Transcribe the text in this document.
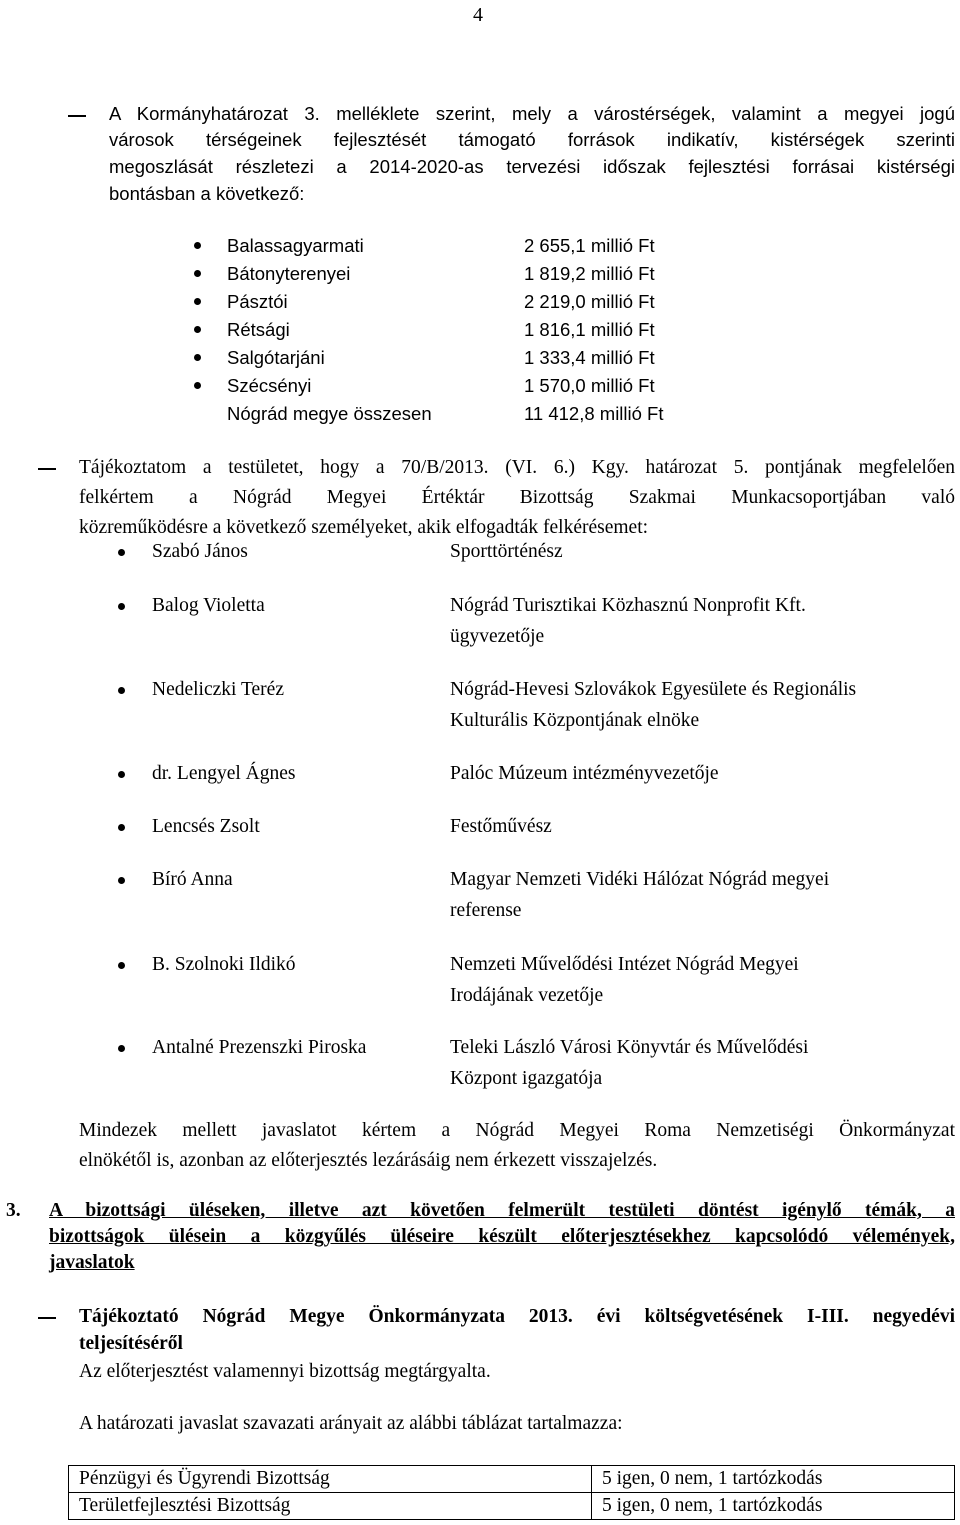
4
A Kormányhatározat 3. melléklete szerint, mely a várostérségek, valamint a megyei jogú
városok térségeinek fejlesztését támogató források indikatív, kistérségek szerinti
megoszlását részletezi a 2014-2020-as tervezési időszak fejlesztési forrásai kistérségi
bontásban a következő:
Balassagyarmati	2 655,1 millió Ft
Bátonyterenyei	1 819,2 millió Ft
Pásztói	2 219,0 millió Ft
Rétsági	1 816,1 millió Ft
Salgótarjáni	1 333,4 millió Ft
Szécsényi	1 570,0 millió Ft
Nógrád megye összesen	11 412,8 millió Ft
Tájékoztatom a testületet, hogy a 70/B/2013. (VI. 6.) Kgy. határozat 5. pontjának megfelelően
felkértem a Nógrád Megyei Értéktár Bizottság Szakmai Munkacsoportjában való
közreműködésre a következő személyeket, akik elfogadták felkérésemet:
Szabó János	Sporttörténész
Balog Violetta	Nógrád Turisztikai Közhasznú Nonprofit Kft.
ügyvezetője
Nedeliczki Teréz	Nógrád-Hevesi Szlovákok Egyesülete és Regionális
Kulturális Központjának elnöke
dr. Lengyel Ágnes	Palóc Múzeum intézményvezetője
Lencsés Zsolt	Festőművész
Bíró Anna	Magyar Nemzeti Vidéki Hálózat Nógrád megyei
referense
B. Szolnoki Ildikó	Nemzeti Művelődési Intézet Nógrád Megyei
Irodájának vezetője
Antalné Prezenszki Piroska	Teleki László Városi Könyvtár és Művelődési
Központ igazgatója
Mindezek mellett javaslatot kértem a Nógrád Megyei Roma Nemzetiségi Önkormányzat
elnökétől is, azonban az előterjesztés lezárásáig nem érkezett visszajelzés.
3. A bizottsági üléseken, illetve azt követően felmerült testületi döntést igénylő témák, a
bizottságok ülésein a közgyűlés üléseire készült előterjesztésekhez kapcsolódó vélemények,
javaslatok
Tájékoztató Nógrád Megye Önkormányzata 2013. évi költségvetésének I-III. negyedévi
teljesítéséről
Az előterjesztést valamennyi bizottság megtárgyalta.
A határozati javaslat szavazati arányait az alábbi táblázat tartalmazza:
Pénzügyi és Ügyrendi Bizottság	5 igen, 0 nem, 1 tartózkodás
Területfejlesztési Bizottság	5 igen, 0 nem, 1 tartózkodás
